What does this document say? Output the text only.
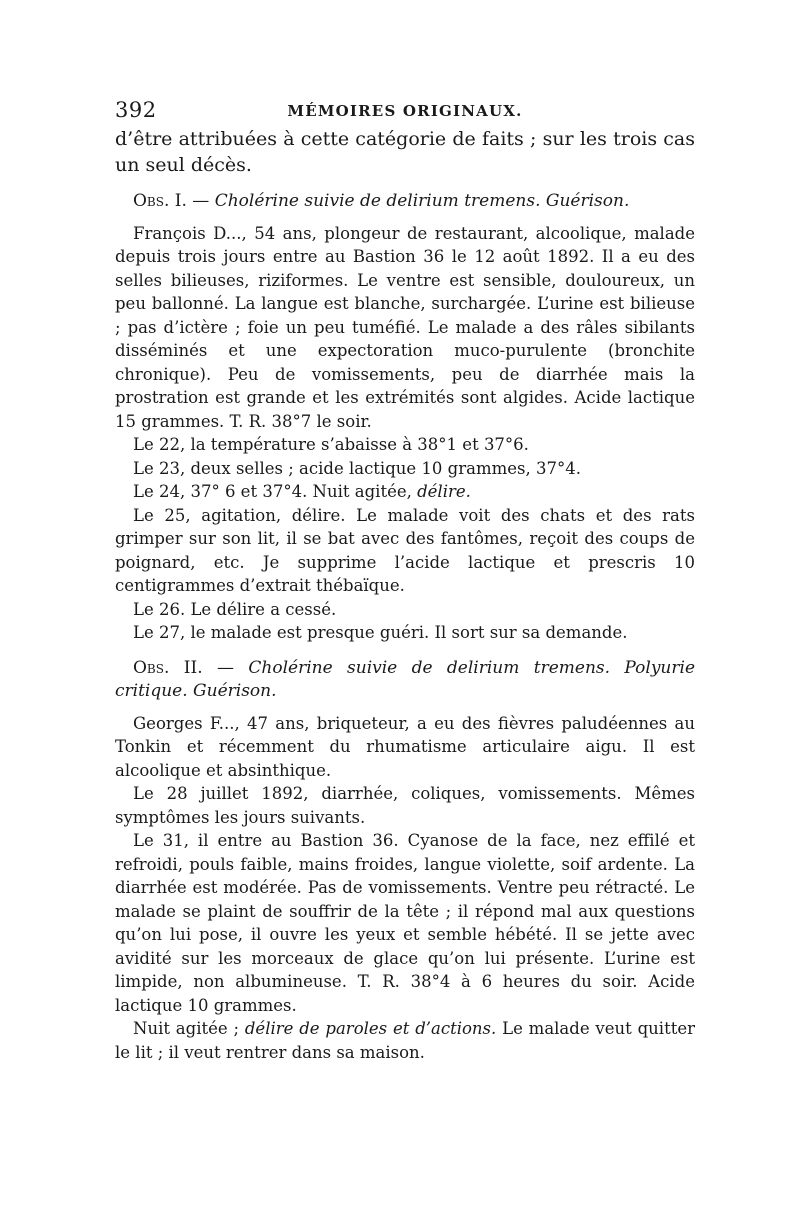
392	MÉMOIRES ORIGINAUX.

d’être attribuées à cette catégorie de faits ; sur les trois cas un seul décès.

Obs. I. — Cholérine suivie de delirium tremens. Guérison.

François D..., 54 ans, plongeur de restaurant, alcoolique, malade depuis trois jours entre au Bastion 36 le 12 août 1892. Il a eu des selles bilieuses, riziformes. Le ventre est sensible, douloureux, un peu ballonné. La langue est blanche, surchargée. L’urine est bilieuse ; pas d’ictère ; foie un peu tuméfié. Le malade a des râles sibilants disséminés et une expectoration muco-purulente (bronchite chronique). Peu de vomissements, peu de diarrhée mais la prostration est grande et les extrémités sont algides. Acide lactique 15 grammes. T. R. 38°7 le soir.

Le 22, la température s’abaisse à 38°1 et 37°6.

Le 23, deux selles ; acide lactique 10 grammes, 37°4.

Le 24, 37° 6 et 37°4. Nuit agitée, délire.

Le 25, agitation, délire. Le malade voit des chats et des rats grimper sur son lit, il se bat avec des fantômes, reçoit des coups de poignard, etc. Je supprime l’acide lactique et prescris 10 centigrammes d’extrait thébaïque.

Le 26. Le délire a cessé.

Le 27, le malade est presque guéri. Il sort sur sa demande.

Obs. II. — Cholérine suivie de delirium tremens. Polyurie critique. Guérison.

Georges F..., 47 ans, briqueteur, a eu des fièvres paludéennes au Tonkin et récemment du rhumatisme articulaire aigu. Il est alcoolique et absinthique.

Le 28 juillet 1892, diarrhée, coliques, vomissements. Mêmes symptômes les jours suivants.

Le 31, il entre au Bastion 36. Cyanose de la face, nez effilé et refroidi, pouls faible, mains froides, langue violette, soif ardente. La diarrhée est modérée. Pas de vomissements. Ventre peu rétracté. Le malade se plaint de souffrir de la tête ; il répond mal aux questions qu’on lui pose, il ouvre les yeux et semble hébété. Il se jette avec avidité sur les morceaux de glace qu’on lui présente. L’urine est limpide, non albumineuse. T. R. 38°4 à 6 heures du soir. Acide lactique 10 grammes.

Nuit agitée ; délire de paroles et d’actions. Le malade veut quitter le lit ; il veut rentrer dans sa maison.
